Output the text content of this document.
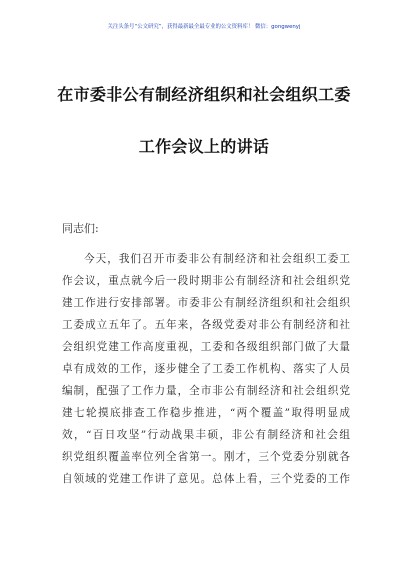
关注头条号“公文研究”，获得最新最全最专业的公文资料库！ 微信：gongwenyj
在市委非公有制经济组织和社会组织工委
工作会议上的讲话
同志们:
今天，我们召开市委非公有制经济和社会组织工委工
作会议，重点就今后一段时期非公有制经济和社会组织党
建工作进行安排部署。市委非公有制经济组织和社会组织
工委成立五年了。五年来，各级党委对非公有制经济和社
会组织党建工作高度重视，工委和各级组织部门做了大量
卓有成效的工作，逐步健全了工委工作机构、落实了人员
编制，配强了工作力量，全市非公有制经济和社会组织党
建七轮摸底排查工作稳步推进，“两个覆盖”取得明显成
效，“百日攻坚”行动战果丰硕，非公有制经济和社会组
织党组织覆盖率位列全省第一。刚才，三个党委分别就各
自领域的党建工作讲了意见。总体上看，三个党委的工作
